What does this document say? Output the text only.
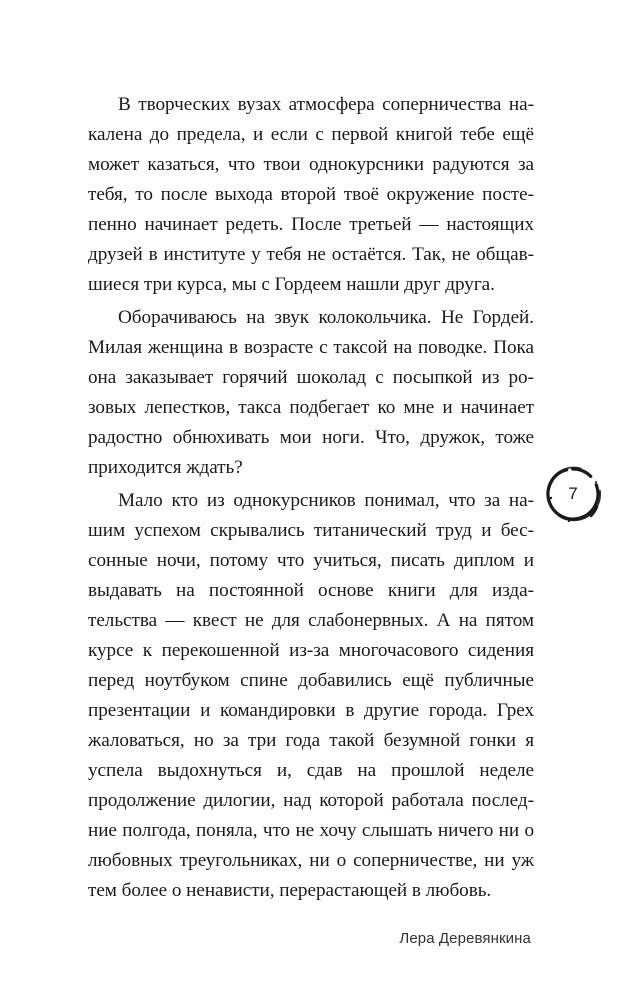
В творческих вузах атмосфера соперничества накалена до предела, и если с первой книгой тебе ещё может казаться, что твои однокурсники радуются за тебя, то после выхода второй твоё окружение постепенно начинает редеть. После третьей — настоящих друзей в институте у тебя не остаётся. Так, не общавшиеся три курса, мы с Гордеем нашли друг друга.

Оборачиваюсь на звук колокольчика. Не Гордей. Милая женщина в возрасте с таксой на поводке. Пока она заказывает горячий шоколад с посыпкой из розовых лепестков, такса подбегает ко мне и начинает радостно обнюхивать мои ноги. Что, дружок, тоже приходится ждать?

Мало кто из однокурсников понимал, что за нашим успехом скрывались титанический труд и бессонные ночи, потому что учиться, писать диплом и выдавать на постоянной основе книги для издательства — квест не для слабонервных. А на пятом курсе к перекошенной из-за многочасового сидения перед ноутбуком спине добавились ещё публичные презентации и командировки в другие города. Грех жаловаться, но за три года такой безумной гонки я успела выдохнуться и, сдав на прошлой неделе продолжение дилогии, над которой работала последние полгода, поняла, что не хочу слышать ничего ни о любовных треугольниках, ни о соперничестве, ни уж тем более о ненависти, перерастающей в любовь.

7
Лера Деревянкина
